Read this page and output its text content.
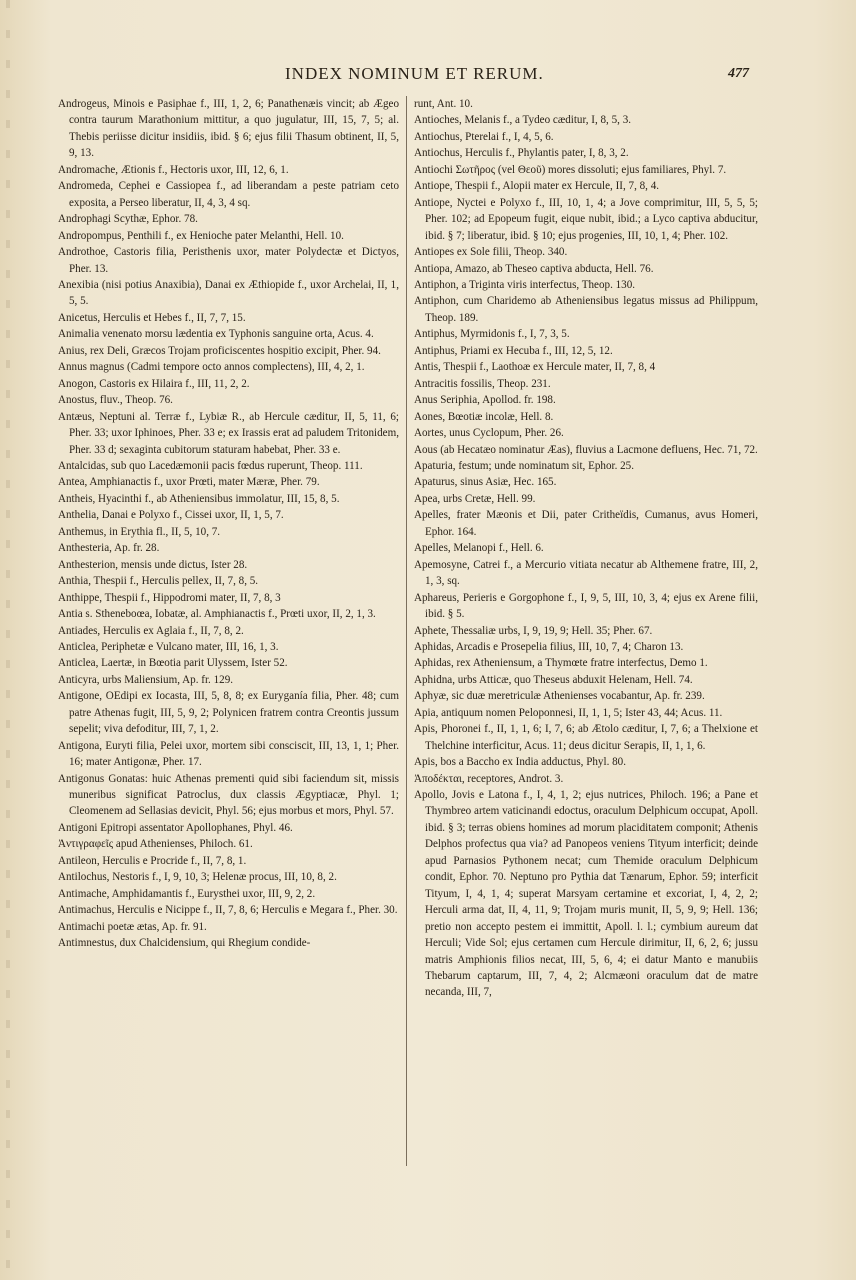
INDEX NOMINUM ET RERUM.	477

Androgeus, Minois e Pasiphae f., III, 1, 2, 6; Panathenæis vincit; ab Ægeo contra taurum Marathonium mittitur, a quo jugulatur, III, 15, 7, 5; al. Thebis periisse dicitur insidiis, ibid. § 6; ejus filii Thasum obtinent, II, 5, 9, 13.

Andromache, Ætionis f., Hectoris uxor, III, 12, 6, 1.

Andromeda, Cephei e Cassiopea f., ad liberandam a peste patriam ceto exposita, a Perseo liberatur, II, 4, 3, 4 sq.

Androphagi Scythæ, Ephor. 78.

Andropompus, Penthili f., ex Henioche pater Melanthi, Hell. 10.

Androthoe, Castoris filia, Peristhenis uxor, mater Polydectæ et Dictyos, Pher. 13.

Anexibia (nisi potius Anaxibia), Danai ex Æthiopide f., uxor Archelai, II, 1, 5, 5.

Anicetus, Herculis et Hebes f., II, 7, 7, 15.

Animalia venenato morsu lædentia ex Typhonis sanguine orta, Acus. 4.

Anius, rex Deli, Græcos Trojam proficiscentes hospitio excipit, Pher. 94.

Annus magnus (Cadmi tempore octo annos complectens), III, 4, 2, 1.

Anogon, Castoris ex Hilaira f., III, 11, 2, 2.

Anostus, fluv., Theop. 76.

Antæus, Neptuni al. Terræ f., Lybiæ R., ab Hercule cæditur, II, 5, 11, 6; Pher. 33; uxor Iphinoes, Pher. 33 e; ex Irassis erat ad paludem Tritonidem, Pher. 33 d; sexaginta cubitorum staturam habebat, Pher. 33 e.

Antalcidas, sub quo Lacedæmonii pacis fœdus ruperunt, Theop. 111.

Antea, Amphianactis f., uxor Prœti, mater Mæræ, Pher. 79.

Antheis, Hyacinthi f., ab Atheniensibus immolatur, III, 15, 8, 5.

Anthelia, Danai e Polyxo f., Cissei uxor, II, 1, 5, 7.

Anthemus, in Erythia fl., II, 5, 10, 7.

Anthesteria, Ap. fr. 28.

Anthesterion, mensis unde dictus, Ister 28.

Anthia, Thespii f., Herculis pellex, II, 7, 8, 5.

Anthippe, Thespii f., Hippodromi mater, II, 7, 8, 3

Antia s. Stheneboœa, Iobatæ, al. Amphianactis f., Prœti uxor, II, 2, 1, 3.

Antiades, Herculis ex Aglaia f., II, 7, 8, 2.

Anticlea, Periphetæ e Vulcano mater, III, 16, 1, 3.

Anticlea, Laertæ, in Bœotia parit Ulyssem, Ister 52.

Anticyra, urbs Maliensium, Ap. fr. 129.

Antigone, OEdipi ex Iocasta, III, 5, 8, 8; ex Euryganía filia, Pher. 48; cum patre Athenas fugit, III, 5, 9, 2; Polynicen fratrem contra Creontis jussum sepelit; viva defoditur, III, 7, 1, 2.

Antigona, Euryti filia, Pelei uxor, mortem sibi consciscit, III, 13, 1, 1; Pher. 16; mater Antigonæ, Pher. 17.

Antigonus Gonatas: huic Athenas prementi quid sibi faciendum sit, missis muneribus significat Patroclus, dux classis Ægyptiacæ, Phyl. 1; Cleomenem ad Sellasias devicit, Phyl. 56; ejus morbus et mors, Phyl. 57.

Antigoni Epitropi assentator Apollophanes, Phyl. 46.

Ἀντιγραφεῖς apud Athenienses, Philoch. 61.

Antileon, Herculis e Procride f., II, 7, 8, 1.

Antilochus, Nestoris f., I, 9, 10, 3; Helenæ procus, III, 10, 8, 2.

Antimache, Amphidamantis f., Eurysthei uxor, III, 9, 2, 2.

Antimachus, Herculis e Nicippe f., II, 7, 8, 6; Herculis e Megara f., Pher. 30.

Antimachi poetæ ætas, Ap. fr. 91.

Antimnestus, dux Chalcidensium, qui Rhegium condide-

runt, Ant. 10.

Antioches, Melanis f., a Tydeo cæditur, I, 8, 5, 3.

Antiochus, Pterelai f., I, 4, 5, 6.

Antiochus, Herculis f., Phylantis pater, I, 8, 3, 2.

Antiochi Σωτῆρος (vel Θεοῦ) mores dissoluti; ejus familiares, Phyl. 7.

Antiope, Thespii f., Alopii mater ex Hercule, II, 7, 8, 4.

Antiope, Nyctei e Polyxo f., III, 10, 1, 4; a Jove comprimitur, III, 5, 5, 5; Pher. 102; ad Epopeum fugit, eique nubit, ibid.; a Lyco captiva abducitur, ibid. § 7; liberatur, ibid. § 10; ejus progenies, III, 10, 1, 4; Pher. 102.

Antiopes ex Sole filii, Theop. 340.

Antiopa, Amazo, ab Theseo captiva abducta, Hell. 76.

Antiphon, a Triginta viris interfectus, Theop. 130.

Antiphon, cum Charidemo ab Atheniensibus legatus missus ad Philippum, Theop. 189.

Antiphus, Myrmidonis f., I, 7, 3, 5.

Antiphus, Priami ex Hecuba f., III, 12, 5, 12.

Antis, Thespii f., Laothoæ ex Hercule mater, II, 7, 8, 4

Antracitis fossilis, Theop. 231.

Anus Seriphia, Apollod. fr. 198.

Aones, Bœotiæ incolæ, Hell. 8.

Aortes, unus Cyclopum, Pher. 26.

Aous (ab Hecatæo nominatur Æas), fluvius a Lacmone defluens, Hec. 71, 72.

Apaturia, festum; unde nominatum sit, Ephor. 25.

Apaturus, sinus Asiæ, Hec. 165.

Apea, urbs Cretæ, Hell. 99.

Apelles, frater Mæonis et Dii, pater Critheïdis, Cumanus, avus Homeri, Ephor. 164.

Apelles, Melanopi f., Hell. 6.

Apemosyne, Catrei f., a Mercurio vitiata necatur ab Althemene fratre, III, 2, 1, 3, sq.

Aphareus, Perieris e Gorgophone f., I, 9, 5, III, 10, 3, 4; ejus ex Arene filii, ibid. § 5.

Aphete, Thessaliæ urbs, I, 9, 19, 9; Hell. 35; Pher. 67.

Aphidas, Arcadis e Prosepelia filius, III, 10, 7, 4; Charon 13.

Aphidas, rex Atheniensum, a Thymœte fratre interfectus, Demo 1.

Aphidna, urbs Atticæ, quo Theseus abduxit Helenam, Hell. 74.

Aphyæ, sic duæ meretriculæ Athenienses vocabantur, Ap. fr. 239.

Apia, antiquum nomen Peloponnesi, II, 1, 1, 5; Ister 43, 44; Acus. 11.

Apis, Phoronei f., II, 1, 1, 6; I, 7, 6; ab Ætolo cæditur, I, 7, 6; a Thelxione et Thelchine interficitur, Acus. 11; deus dicitur Serapis, II, 1, 1, 6.

Apis, bos a Baccho ex India adductus, Phyl. 80.

Ἀποδέκται, receptores, Androt. 3.

Apollo, Jovis e Latona f., I, 4, 1, 2; ejus nutrices, Philoch. 196; a Pane et Thymbreo artem vaticinandi edoctus, oraculum Delphicum occupat, Apoll. ibid. § 3; terras obiens homines ad morum placiditatem componit; Athenis Delphos profectus qua via? ad Panopeos veniens Tityum interficit; deinde apud Parnasios Pythonem necat; cum Themide oraculum Delphicum condit, Ephor. 70. Neptuno pro Pythia dat Tænarum, Ephor. 59; interficit Tityum, I, 4, 1, 4; superat Marsyam certamine et excoriat, I, 4, 2, 2; Herculi arma dat, II, 4, 11, 9; Trojam muris munit, II, 5, 9, 9; Hell. 136; pretio non accepto pestem ei immittit, Apoll. l. l.; cymbium aureum dat Herculi; Vide Sol; ejus certamen cum Hercule dirimitur, II, 6, 2, 6; jussu matris Amphionis filios necat, III, 5, 6, 4; ei datur Manto e manubiis Thebarum captarum, III, 7, 4, 2; Alcmæoni oraculum dat de matre necanda, III, 7,
